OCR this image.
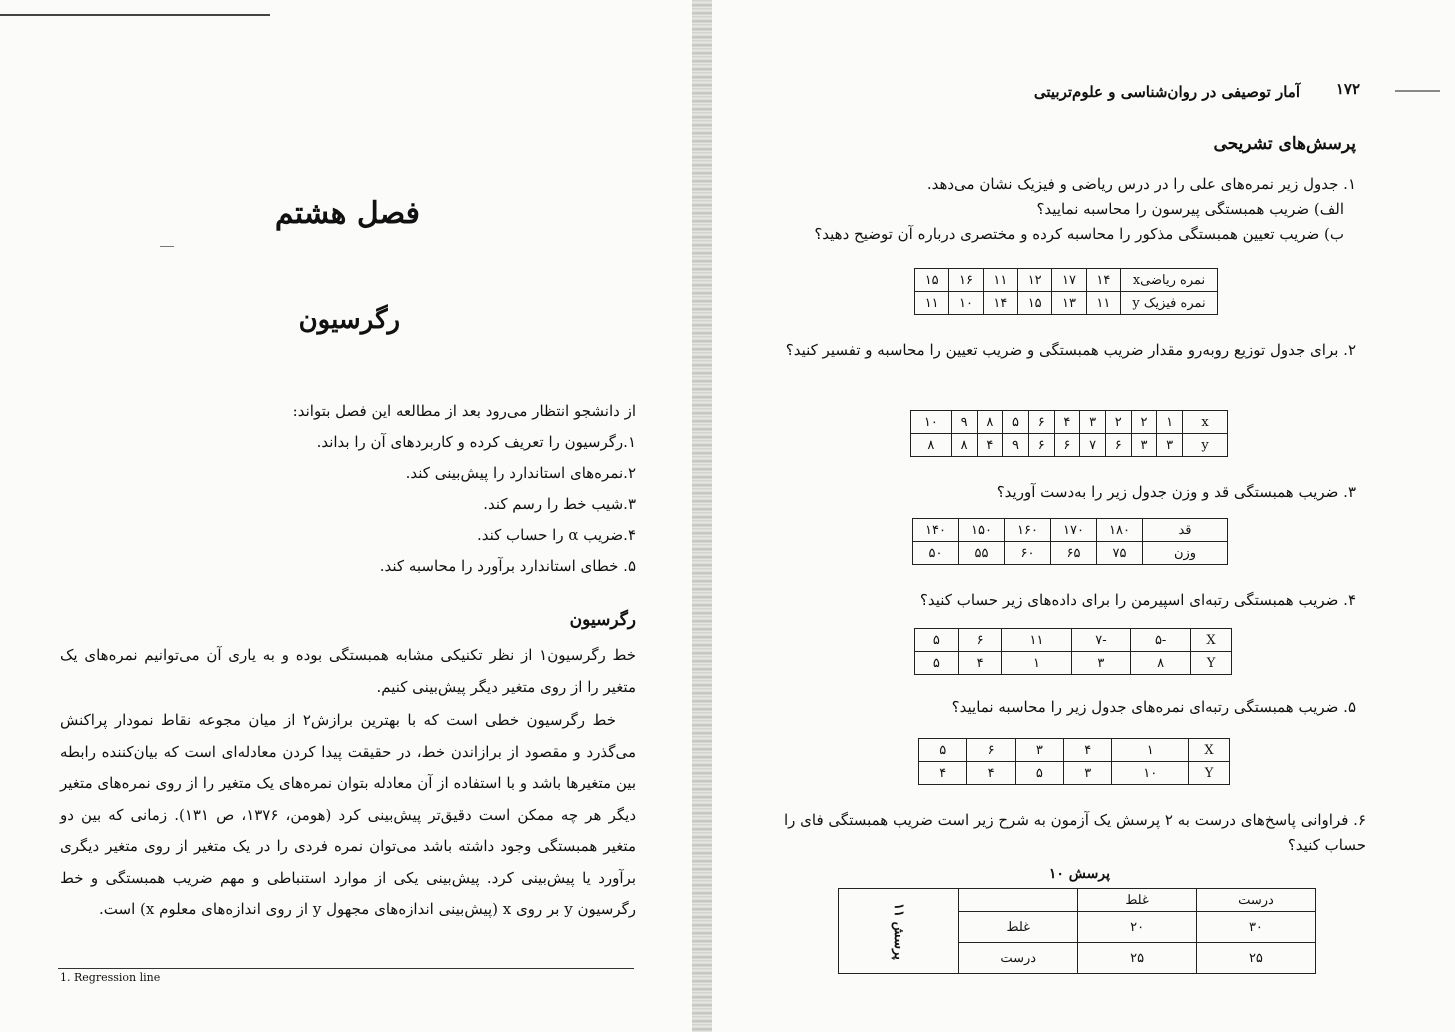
فصل هشتم
رگرسیون
از دانشجو انتظار می‌رود بعد از مطالعه این فصل بتواند:
۱.رگرسیون را تعریف کرده و کاربردهای آن را بداند.
۲.نمره‌های استاندارد را پیش‌بینی کند.
۳.شیب خط را رسم کند.
۴.ضریب α را حساب کند.
۵. خطای استاندارد برآورد را محاسبه کند.
رگرسیون
خط رگرسیون۱ از نظر تکنیکی مشابه همبستگی بوده و به یاری آن می‌توانیم نمره‌های یک متغیر را از روی متغیر دیگر پیش‌بینی کنیم.
خط رگرسیون خطی است که با بهترین برازش۲ از میان مجوعه نقاط نمودار پراکنش می‌گذرد و مقصود از برازاندن خط، در حقیقت پیدا کردن معادله‌ای است که بیان‌کننده رابطه بین متغیرها باشد و با استفاده از آن معادله بتوان نمره‌های یک متغیر را از روی نمره‌های متغیر دیگر هر چه ممکن است دقیق‌تر پیش‌بینی کرد (هومن، ۱۳۷۶، ص ۱۳۱). زمانی که بین دو متغیر همبستگی وجود داشته باشد می‌توان نمره فردی را در یک متغیر از روی متغیر دیگری برآورد یا پیش‌بینی کرد. پیش‌بینی یکی از موارد استنباطی و مهم ضریب همبستگی و خط رگرسیون y بر روی x (پیش‌بینی اندازه‌های مجهول y از روی اندازه‌های معلوم x) است.
1. Regression line
۱۷۲
آمار توصیفی در روان‌شناسی و علوم‌تربیتی
پرسش‌های تشریحی
۱. جدول زیر نمره‌های علی را در درس ریاضی و فیزیک نشان می‌دهد.
الف) ضریب همبستگی پیرسون را محاسبه نمایید؟
ب) ضریب تعیین همبستگی مذکور را محاسبه کرده و مختصری درباره آن توضیح دهید؟
نمره ریاضیx	۱۴	۱۷	۱۲	۱۱	۱۶	۱۵
نمره فیزیک y	۱۱	۱۳	۱۵	۱۴	۱۰	۱۱
۲. برای جدول توزیع روبه‌رو مقدار ضریب همبستگی و ضریب تعیین را محاسبه و تفسیر کنید؟
x	۱	۲	۲	۳	۴	۶	۵	۸	۹	۱۰
y	۳	۳	۶	۷	۶	۶	۹	۴	۸	۸
۳. ضریب همبستگی قد و وزن جدول زیر را به‌دست آورید؟
قد	۱۸۰	۱۷۰	۱۶۰	۱۵۰	۱۴۰
وزن	۷۵	۶۵	۶۰	۵۵	۵۰
۴. ضریب همبستگی رتبه‌ای اسپیرمن را برای داده‌های زیر حساب کنید؟
X	-۵	-۷	۱۱	۶	۵
Y	۸	۳	۱	۴	۵
۵. ضریب همبستگی رتبه‌ای نمره‌های جدول زیر را محاسبه نمایید؟
X	۱	۴	۳	۶	۵
Y	۱۰	۳	۵	۴	۴
۶. فراوانی پاسخ‌های درست به ۲ پرسش یک آزمون به شرح زیر است ضریب همبستگی فای را حساب کنید؟
پرسش ۱۰
درست	غلط		پرسش ۱۱
۳۰	۲۰	غلط	
۲۵	۲۵	درست	
